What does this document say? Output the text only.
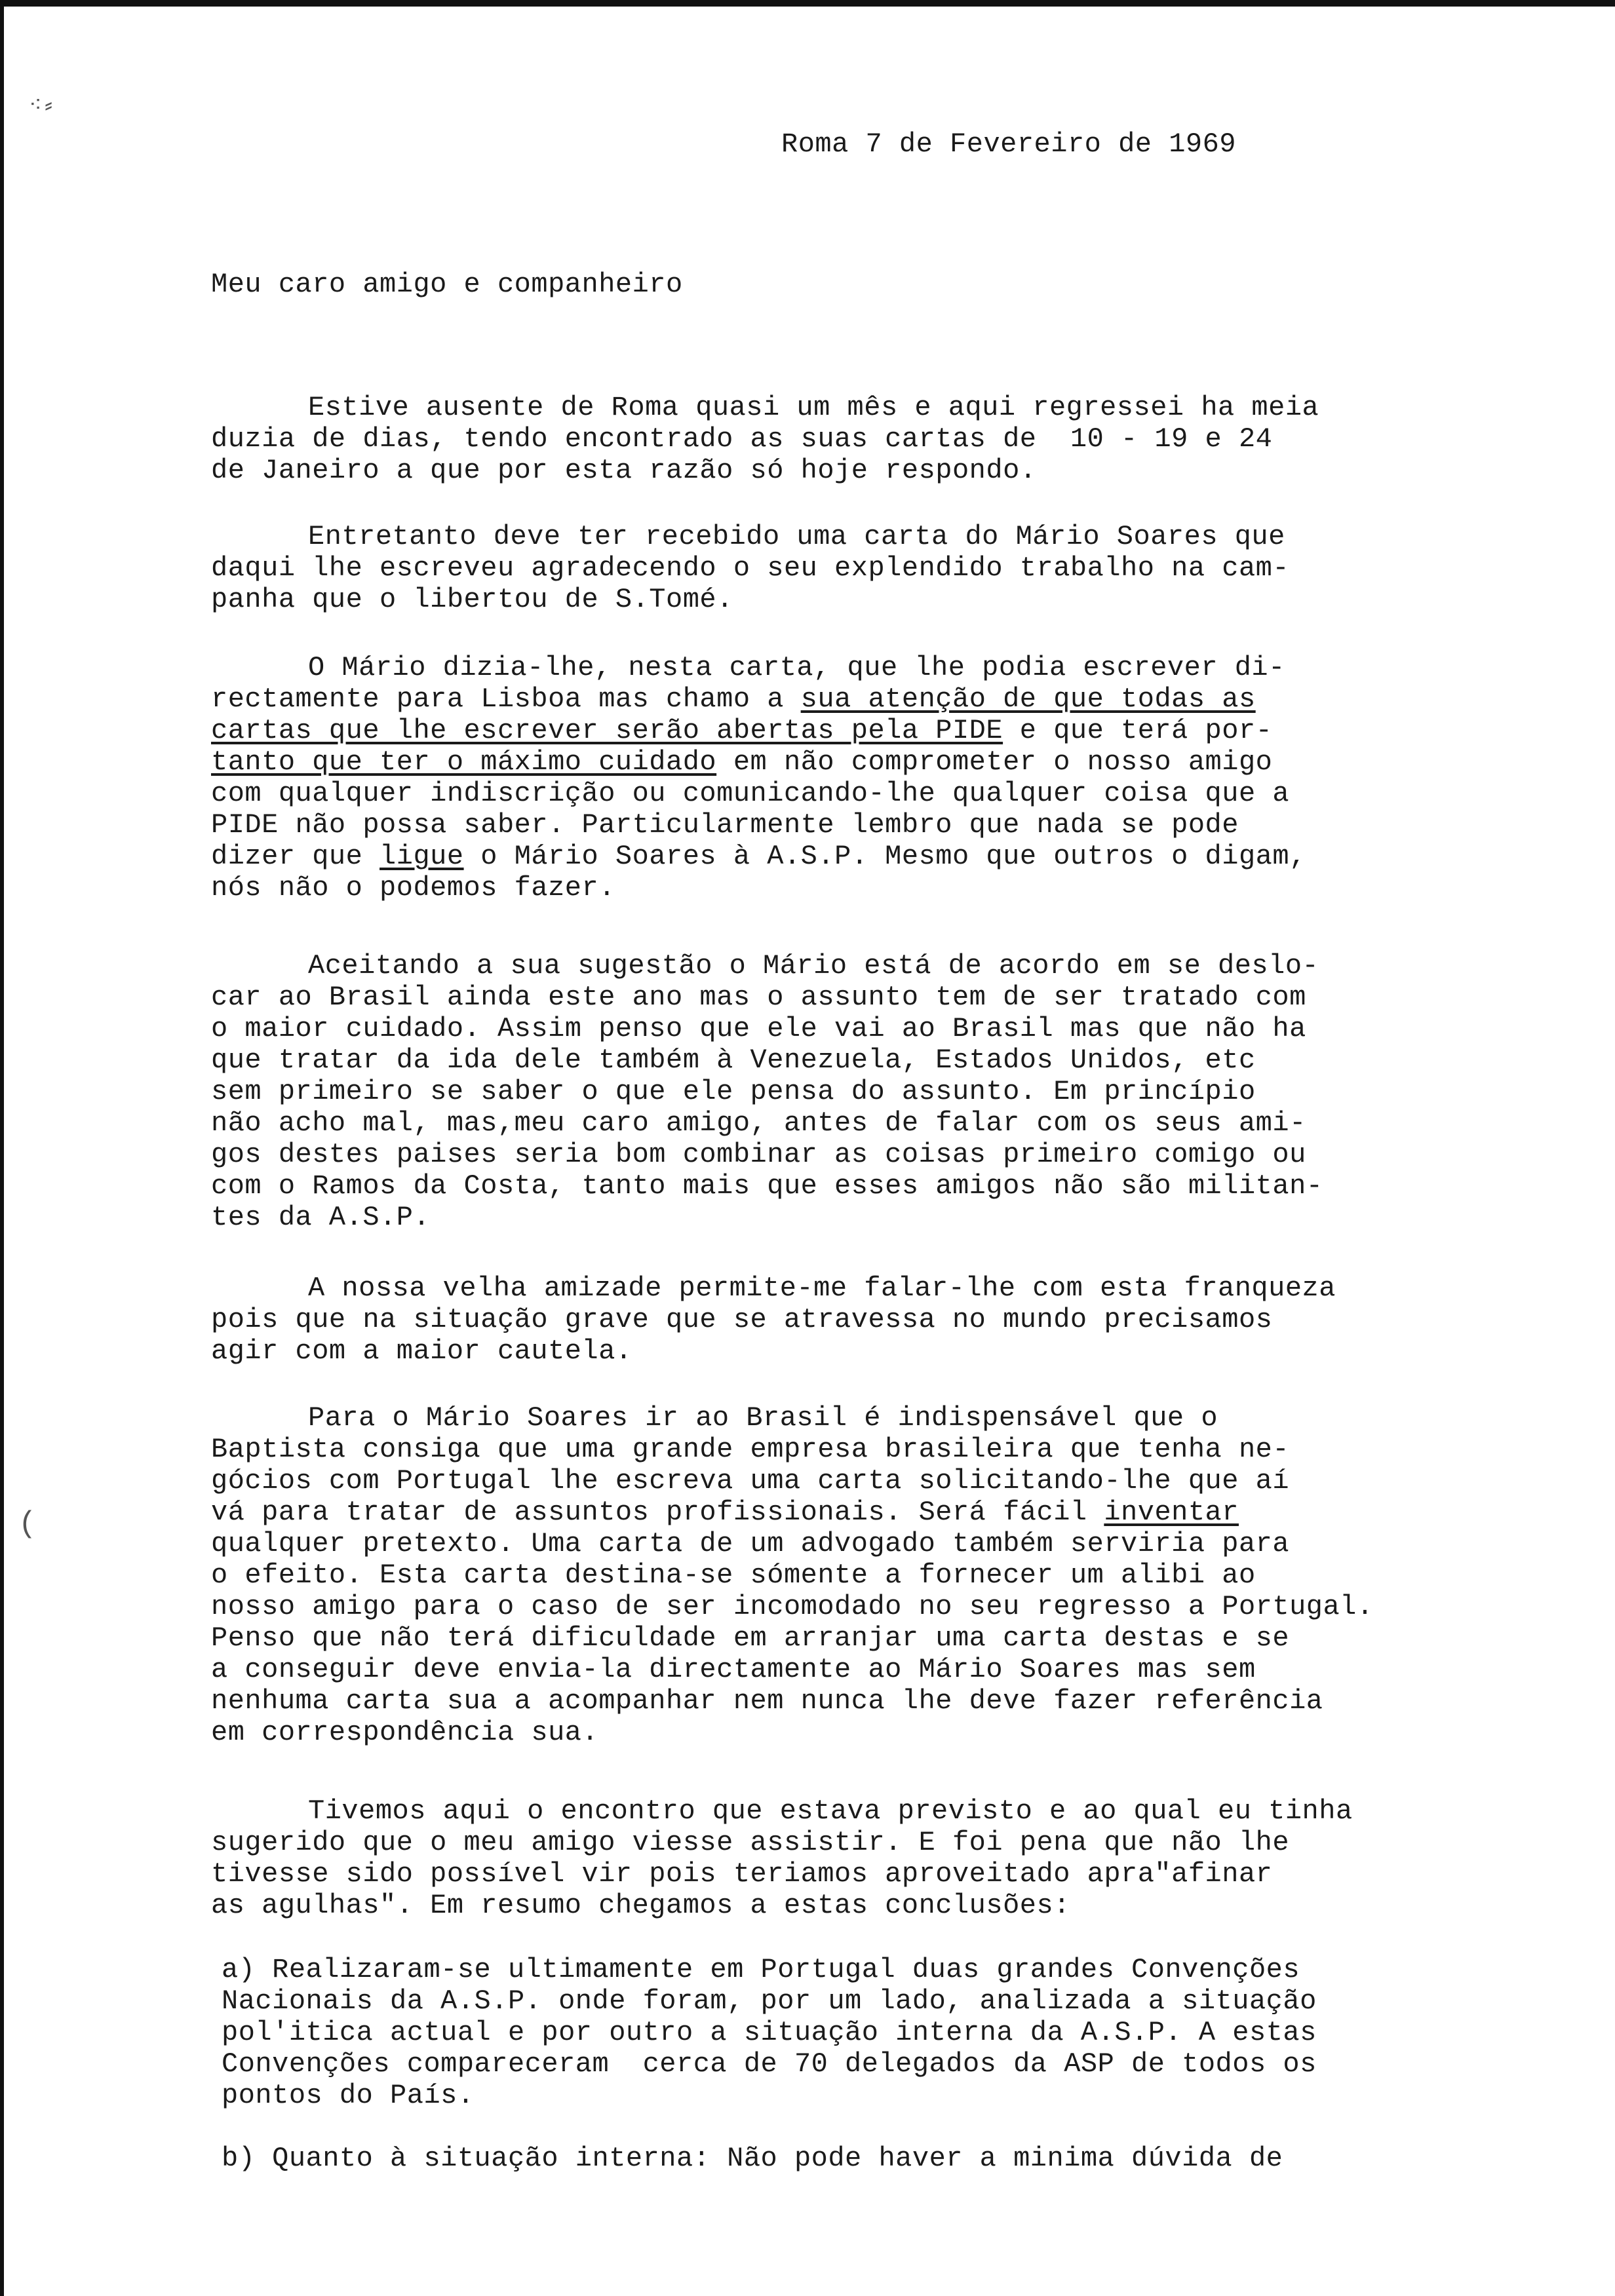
⁖⸗
(

Roma 7 de Fevereiro de 1969

Meu caro amigo e companheiro

Estive ausente de Roma quasi um mês e aqui regressei ha meia

duzia de dias, tendo encontrado as suas cartas de  10 - 19 e 24

de Janeiro a que por esta razão só hoje respondo.

Entretanto deve ter recebido uma carta do Mário Soares que

daqui lhe escreveu agradecendo o seu explendido trabalho na cam-

panha que o libertou de S.Tomé.

O Mário dizia-lhe, nesta carta, que lhe podia escrever di-

rectamente para Lisboa mas chamo a sua atenção de que todas as

cartas que lhe escrever serão abertas pela PIDE e que terá por-

tanto que ter o máximo cuidado em não comprometer o nosso amigo

com qualquer indiscrição ou comunicando-lhe qualquer coisa que a

PIDE não possa saber. Particularmente lembro que nada se pode

dizer que ligue o Mário Soares à A.S.P. Mesmo que outros o digam,

nós não o podemos fazer.

Aceitando a sua sugestão o Mário está de acordo em se deslo-

car ao Brasil ainda este ano mas o assunto tem de ser tratado com

o maior cuidado. Assim penso que ele vai ao Brasil mas que não ha

que tratar da ida dele também à Venezuela, Estados Unidos, etc

sem primeiro se saber o que ele pensa do assunto. Em princípio

não acho mal, mas,meu caro amigo, antes de falar com os seus ami-

gos destes paises seria bom combinar as coisas primeiro comigo ou

com o Ramos da Costa, tanto mais que esses amigos não são militan-

tes da A.S.P.

A nossa velha amizade permite-me falar-lhe com esta franqueza

pois que na situação grave que se atravessa no mundo precisamos

agir com a maior cautela.

Para o Mário Soares ir ao Brasil é indispensável que o

Baptista consiga que uma grande empresa brasileira que tenha ne-

gócios com Portugal lhe escreva uma carta solicitando-lhe que aí

vá para tratar de assuntos profissionais. Será fácil inventar

qualquer pretexto. Uma carta de um advogado também serviria para

o efeito. Esta carta destina-se sómente a fornecer um alibi ao

nosso amigo para o caso de ser incomodado no seu regresso a Portugal.

Penso que não terá dificuldade em arranjar uma carta destas e se

a conseguir deve envia-la directamente ao Mário Soares mas sem

nenhuma carta sua a acompanhar nem nunca lhe deve fazer referência

em correspondência sua.

Tivemos aqui o encontro que estava previsto e ao qual eu tinha

sugerido que o meu amigo viesse assistir. E foi pena que não lhe

tivesse sido possível vir pois teriamos aproveitado apra"afinar

as agulhas". Em resumo chegamos a estas conclusões:

a) Realizaram-se ultimamente em Portugal duas grandes Convenções

Nacionais da A.S.P. onde foram, por um lado, analizada a situação

pol'itica actual e por outro a situação interna da A.S.P. A estas

Convenções compareceram  cerca de 70 delegados da ASP de todos os

pontos do País.

b) Quanto à situação interna: Não pode haver a minima dúvida de
